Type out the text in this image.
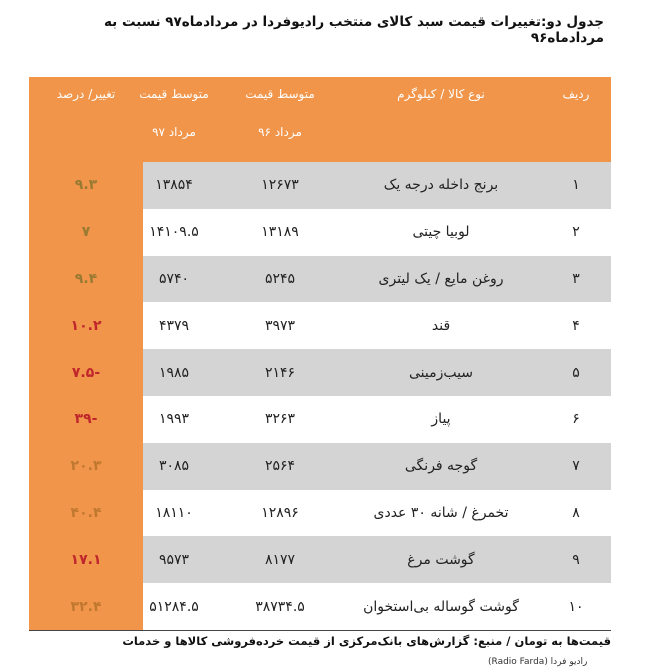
جدول دو:تغییرات قیمت سبد کالای منتخب رادیوفردا در مردادماه۹۷ نسبت به مردادماه۹۶
ردیف
نوع کالا / کیلوگرم
متوسط قیمت
مرداد ۹۶
متوسط قیمت
مرداد ۹۷
تغییر/ درصد
۱
برنج داخله درجه یک
۱۲۶۷۳
۱۳۸۵۴
۹.۳
۲
لوبیا چیتی
۱۳۱۸۹
۱۴۱۰۹.۵
۷
۳
روغن مایع / یک لیتری
۵۲۴۵
۵۷۴۰
۹.۴
۴
قند
۳۹۷۳
۴۳۷۹
۱۰.۲
۵
سیب‌زمینی
۲۱۴۶
۱۹۸۵
-۷.۵
۶
پیاز
۳۲۶۳
۱۹۹۳
-۳۹
۷
گوجه فرنگی
۲۵۶۴
۳۰۸۵
۲۰.۳
۸
تخمرغ / شانه ۳۰ عددی
۱۲۸۹۶
۱۸۱۱۰
۴۰.۴
۹
گوشت مرغ
۸۱۷۷
۹۵۷۳
۱۷.۱
۱۰
گوشت گوساله بی‌استخوان
۳۸۷۳۴.۵
۵۱۲۸۴.۵
۳۲.۴
قیمت‌ها به تومان / منبع: گزارش‌های بانک‌مرکزی از قیمت خرده‌فروشی کالاها و خدمات
رادیو فردا (Radio Farda)
